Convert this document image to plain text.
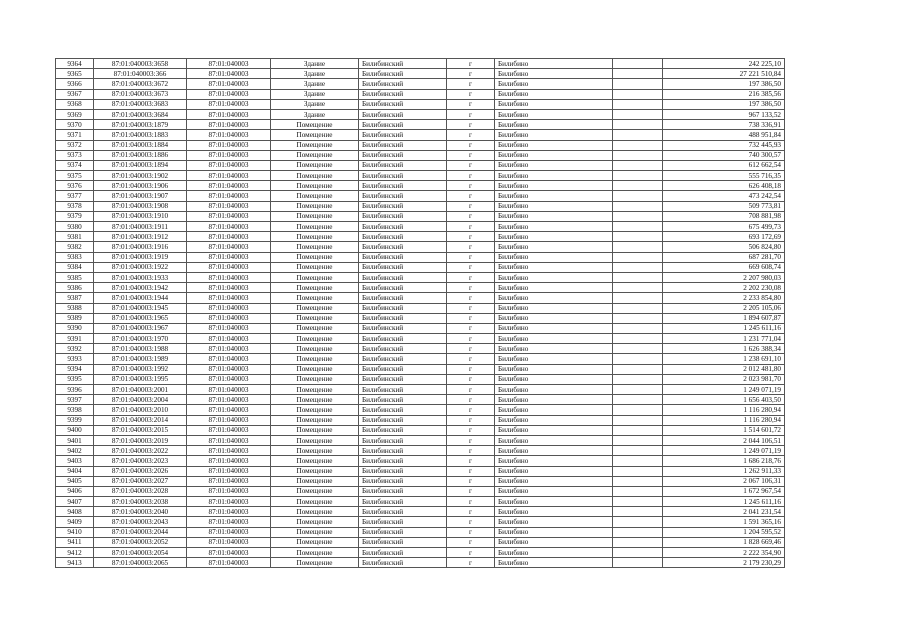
9364	87:01:040003:3658	87:01:040003	Здание	Билибинский	г	Билибино		242 225,10
9365	87:01:040003:366	87:01:040003	Здание	Билибинский	г	Билибино		27 221 510,84
9366	87:01:040003:3672	87:01:040003	Здание	Билибинский	г	Билибино		197 386,50
9367	87:01:040003:3673	87:01:040003	Здание	Билибинский	г	Билибино		216 385,56
9368	87:01:040003:3683	87:01:040003	Здание	Билибинский	г	Билибино		197 386,50
9369	87:01:040003:3684	87:01:040003	Здание	Билибинский	г	Билибино		967 133,52
9370	87:01:040003:1879	87:01:040003	Помещение	Билибинский	г	Билибино		738 336,91
9371	87:01:040003:1883	87:01:040003	Помещение	Билибинский	г	Билибино		488 951,84
9372	87:01:040003:1884	87:01:040003	Помещение	Билибинский	г	Билибино		732 445,93
9373	87:01:040003:1886	87:01:040003	Помещение	Билибинский	г	Билибино		740 300,57
9374	87:01:040003:1894	87:01:040003	Помещение	Билибинский	г	Билибино		612 662,54
9375	87:01:040003:1902	87:01:040003	Помещение	Билибинский	г	Билибино		555 716,35
9376	87:01:040003:1906	87:01:040003	Помещение	Билибинский	г	Билибино		626 408,18
9377	87:01:040003:1907	87:01:040003	Помещение	Билибинский	г	Билибино		473 242,54
9378	87:01:040003:1908	87:01:040003	Помещение	Билибинский	г	Билибино		509 773,81
9379	87:01:040003:1910	87:01:040003	Помещение	Билибинский	г	Билибино		708 881,98
9380	87:01:040003:1911	87:01:040003	Помещение	Билибинский	г	Билибино		675 499,73
9381	87:01:040003:1912	87:01:040003	Помещение	Билибинский	г	Билибино		693 172,69
9382	87:01:040003:1916	87:01:040003	Помещение	Билибинский	г	Билибино		506 824,80
9383	87:01:040003:1919	87:01:040003	Помещение	Билибинский	г	Билибино		687 281,70
9384	87:01:040003:1922	87:01:040003	Помещение	Билибинский	г	Билибино		669 608,74
9385	87:01:040003:1933	87:01:040003	Помещение	Билибинский	г	Билибино		2 207 980,03
9386	87:01:040003:1942	87:01:040003	Помещение	Билибинский	г	Билибино		2 202 230,08
9387	87:01:040003:1944	87:01:040003	Помещение	Билибинский	г	Билибино		2 233 854,80
9388	87:01:040003:1945	87:01:040003	Помещение	Билибинский	г	Билибино		2 205 105,06
9389	87:01:040003:1965	87:01:040003	Помещение	Билибинский	г	Билибино		1 894 607,87
9390	87:01:040003:1967	87:01:040003	Помещение	Билибинский	г	Билибино		1 245 611,16
9391	87:01:040003:1970	87:01:040003	Помещение	Билибинский	г	Билибино		1 231 771,04
9392	87:01:040003:1988	87:01:040003	Помещение	Билибинский	г	Билибино		1 626 388,34
9393	87:01:040003:1989	87:01:040003	Помещение	Билибинский	г	Билибино		1 238 691,10
9394	87:01:040003:1992	87:01:040003	Помещение	Билибинский	г	Билибино		2 012 481,80
9395	87:01:040003:1995	87:01:040003	Помещение	Билибинский	г	Билибино		2 023 981,70
9396	87:01:040003:2001	87:01:040003	Помещение	Билибинский	г	Билибино		1 249 071,19
9397	87:01:040003:2004	87:01:040003	Помещение	Билибинский	г	Билибино		1 656 403,50
9398	87:01:040003:2010	87:01:040003	Помещение	Билибинский	г	Билибино		1 116 280,94
9399	87:01:040003:2014	87:01:040003	Помещение	Билибинский	г	Билибино		1 116 280,94
9400	87:01:040003:2015	87:01:040003	Помещение	Билибинский	г	Билибино		1 514 601,72
9401	87:01:040003:2019	87:01:040003	Помещение	Билибинский	г	Билибино		2 044 106,51
9402	87:01:040003:2022	87:01:040003	Помещение	Билибинский	г	Билибино		1 249 071,19
9403	87:01:040003:2023	87:01:040003	Помещение	Билибинский	г	Билибино		1 686 218,76
9404	87:01:040003:2026	87:01:040003	Помещение	Билибинский	г	Билибино		1 262 911,33
9405	87:01:040003:2027	87:01:040003	Помещение	Билибинский	г	Билибино		2 067 106,31
9406	87:01:040003:2028	87:01:040003	Помещение	Билибинский	г	Билибино		1 672 967,54
9407	87:01:040003:2038	87:01:040003	Помещение	Билибинский	г	Билибино		1 245 611,16
9408	87:01:040003:2040	87:01:040003	Помещение	Билибинский	г	Билибино		2 041 231,54
9409	87:01:040003:2043	87:01:040003	Помещение	Билибинский	г	Билибино		1 591 365,16
9410	87:01:040003:2044	87:01:040003	Помещение	Билибинский	г	Билибино		1 204 595,52
9411	87:01:040003:2052	87:01:040003	Помещение	Билибинский	г	Билибино		1 828 669,46
9412	87:01:040003:2054	87:01:040003	Помещение	Билибинский	г	Билибино		2 222 354,90
9413	87:01:040003:2065	87:01:040003	Помещение	Билибинский	г	Билибино		2 179 230,29
